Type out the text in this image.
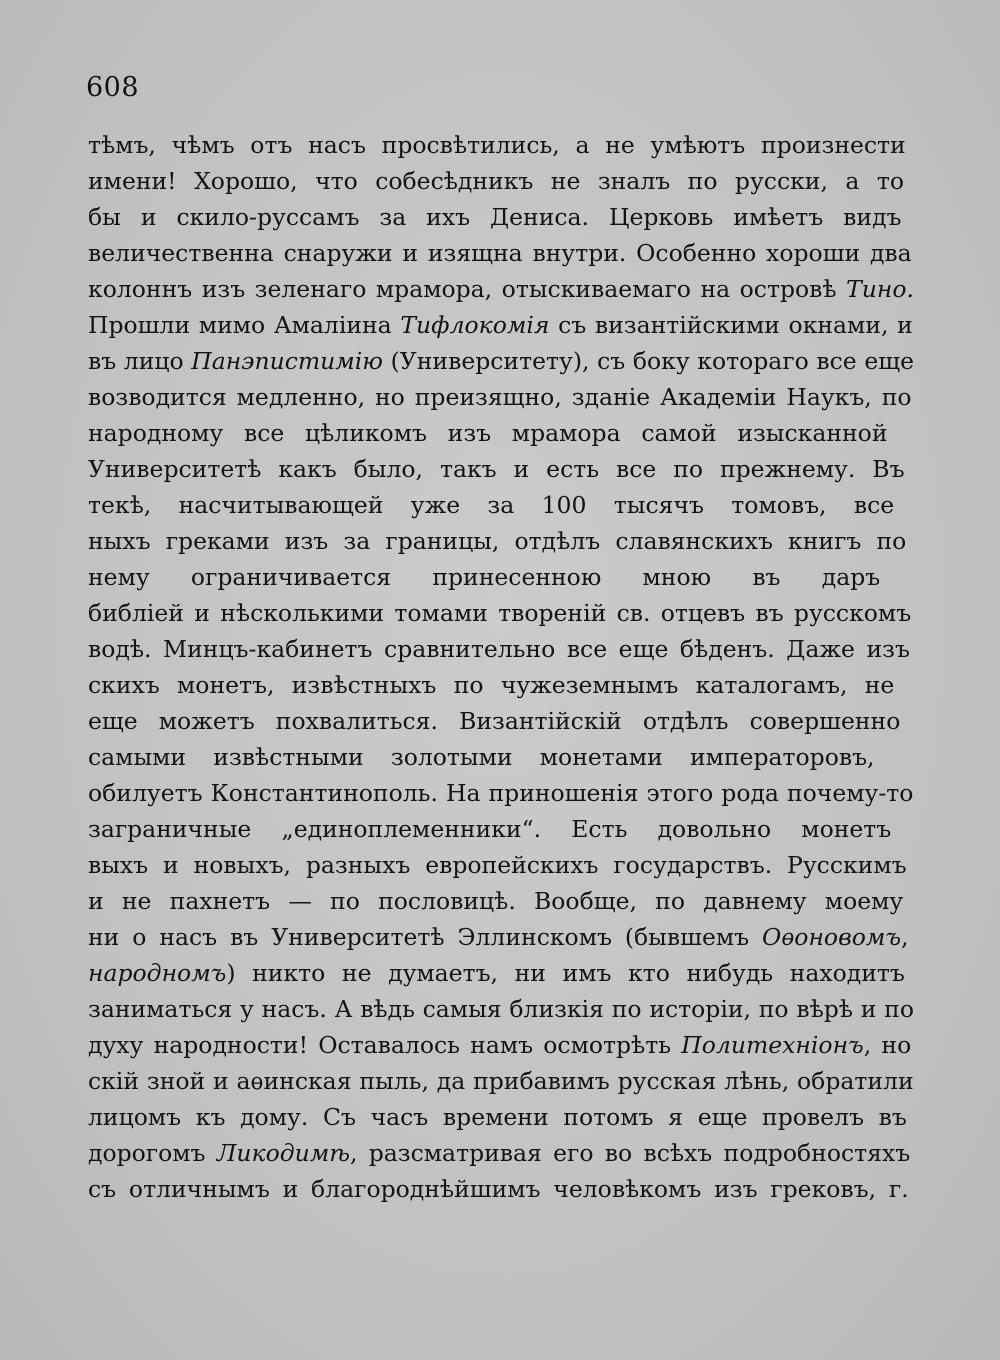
608
тѣмъ, чѣмъ отъ насъ просвѣтились, а не умѣютъ произнести
имени! Хорошо, что собесѣдникъ не зналъ по русски, а то
бы и скило-руссамъ за ихъ Дениса. Церковь имѣетъ видъ
величественна снаружи и изящна внутри. Особенно хороши два
колоннъ изъ зеленаго мрамора, отыскиваемаго на островѣ Тино.
Прошли мимо Амалiина Тифлокомiя съ византiйскими окнами, и
въ лицо Панэпистимiю (Университету), съ боку котораго все еще
возводится медленно, но преизящно, зданiе Академiи Наукъ, по
народному все цѣликомъ изъ мрамора самой изысканной
Университетѣ какъ было, такъ и есть все по прежнему. Въ
текѣ, насчитывающей уже за 100 тысячъ томовъ, все
ныхъ греками изъ за границы, отдѣлъ славянскихъ книгъ по
нему ограничивается принесенною мною въ даръ
библiей и нѣсколькими томами творенiй св. отцевъ въ русскомъ
водѣ. Минцъ-кабинетъ сравнительно все еще бѣденъ. Даже изъ
скихъ монетъ, извѣстныхъ по чужеземнымъ каталогамъ, не
еще можетъ похвалиться. Византiйскiй отдѣлъ совершенно
самыми извѣстными золотыми монетами императоровъ,
обилуетъ Константинополь. На приношенiя этого рода почему-то
заграничные „единоплеменники“. Есть довольно монетъ
выхъ и новыхъ, разныхъ европейскихъ государствъ. Русскимъ
и не пахнетъ — по пословицѣ. Вообще, по давнему моему
ни о насъ въ Университетѣ Эллинскомъ (бывшемъ Оѳоновомъ,
народномъ) никто не думаетъ, ни имъ кто нибудь находитъ
заниматься у насъ. А вѣдь самыя близкiя по исторiи, по вѣрѣ и по
духу народности! Оставалось намъ осмотрѣть Политехнiонъ, но
скiй зной и аѳинская пыль, да прибавимъ русская лѣнь, обратили
лицомъ къ дому. Съ часъ времени потомъ я еще провелъ въ
дорогомъ Ликодимѣ, разсматривая его во всѣхъ подробностяхъ
съ отличнымъ и благороднѣйшимъ человѣкомъ изъ грековъ, г.
